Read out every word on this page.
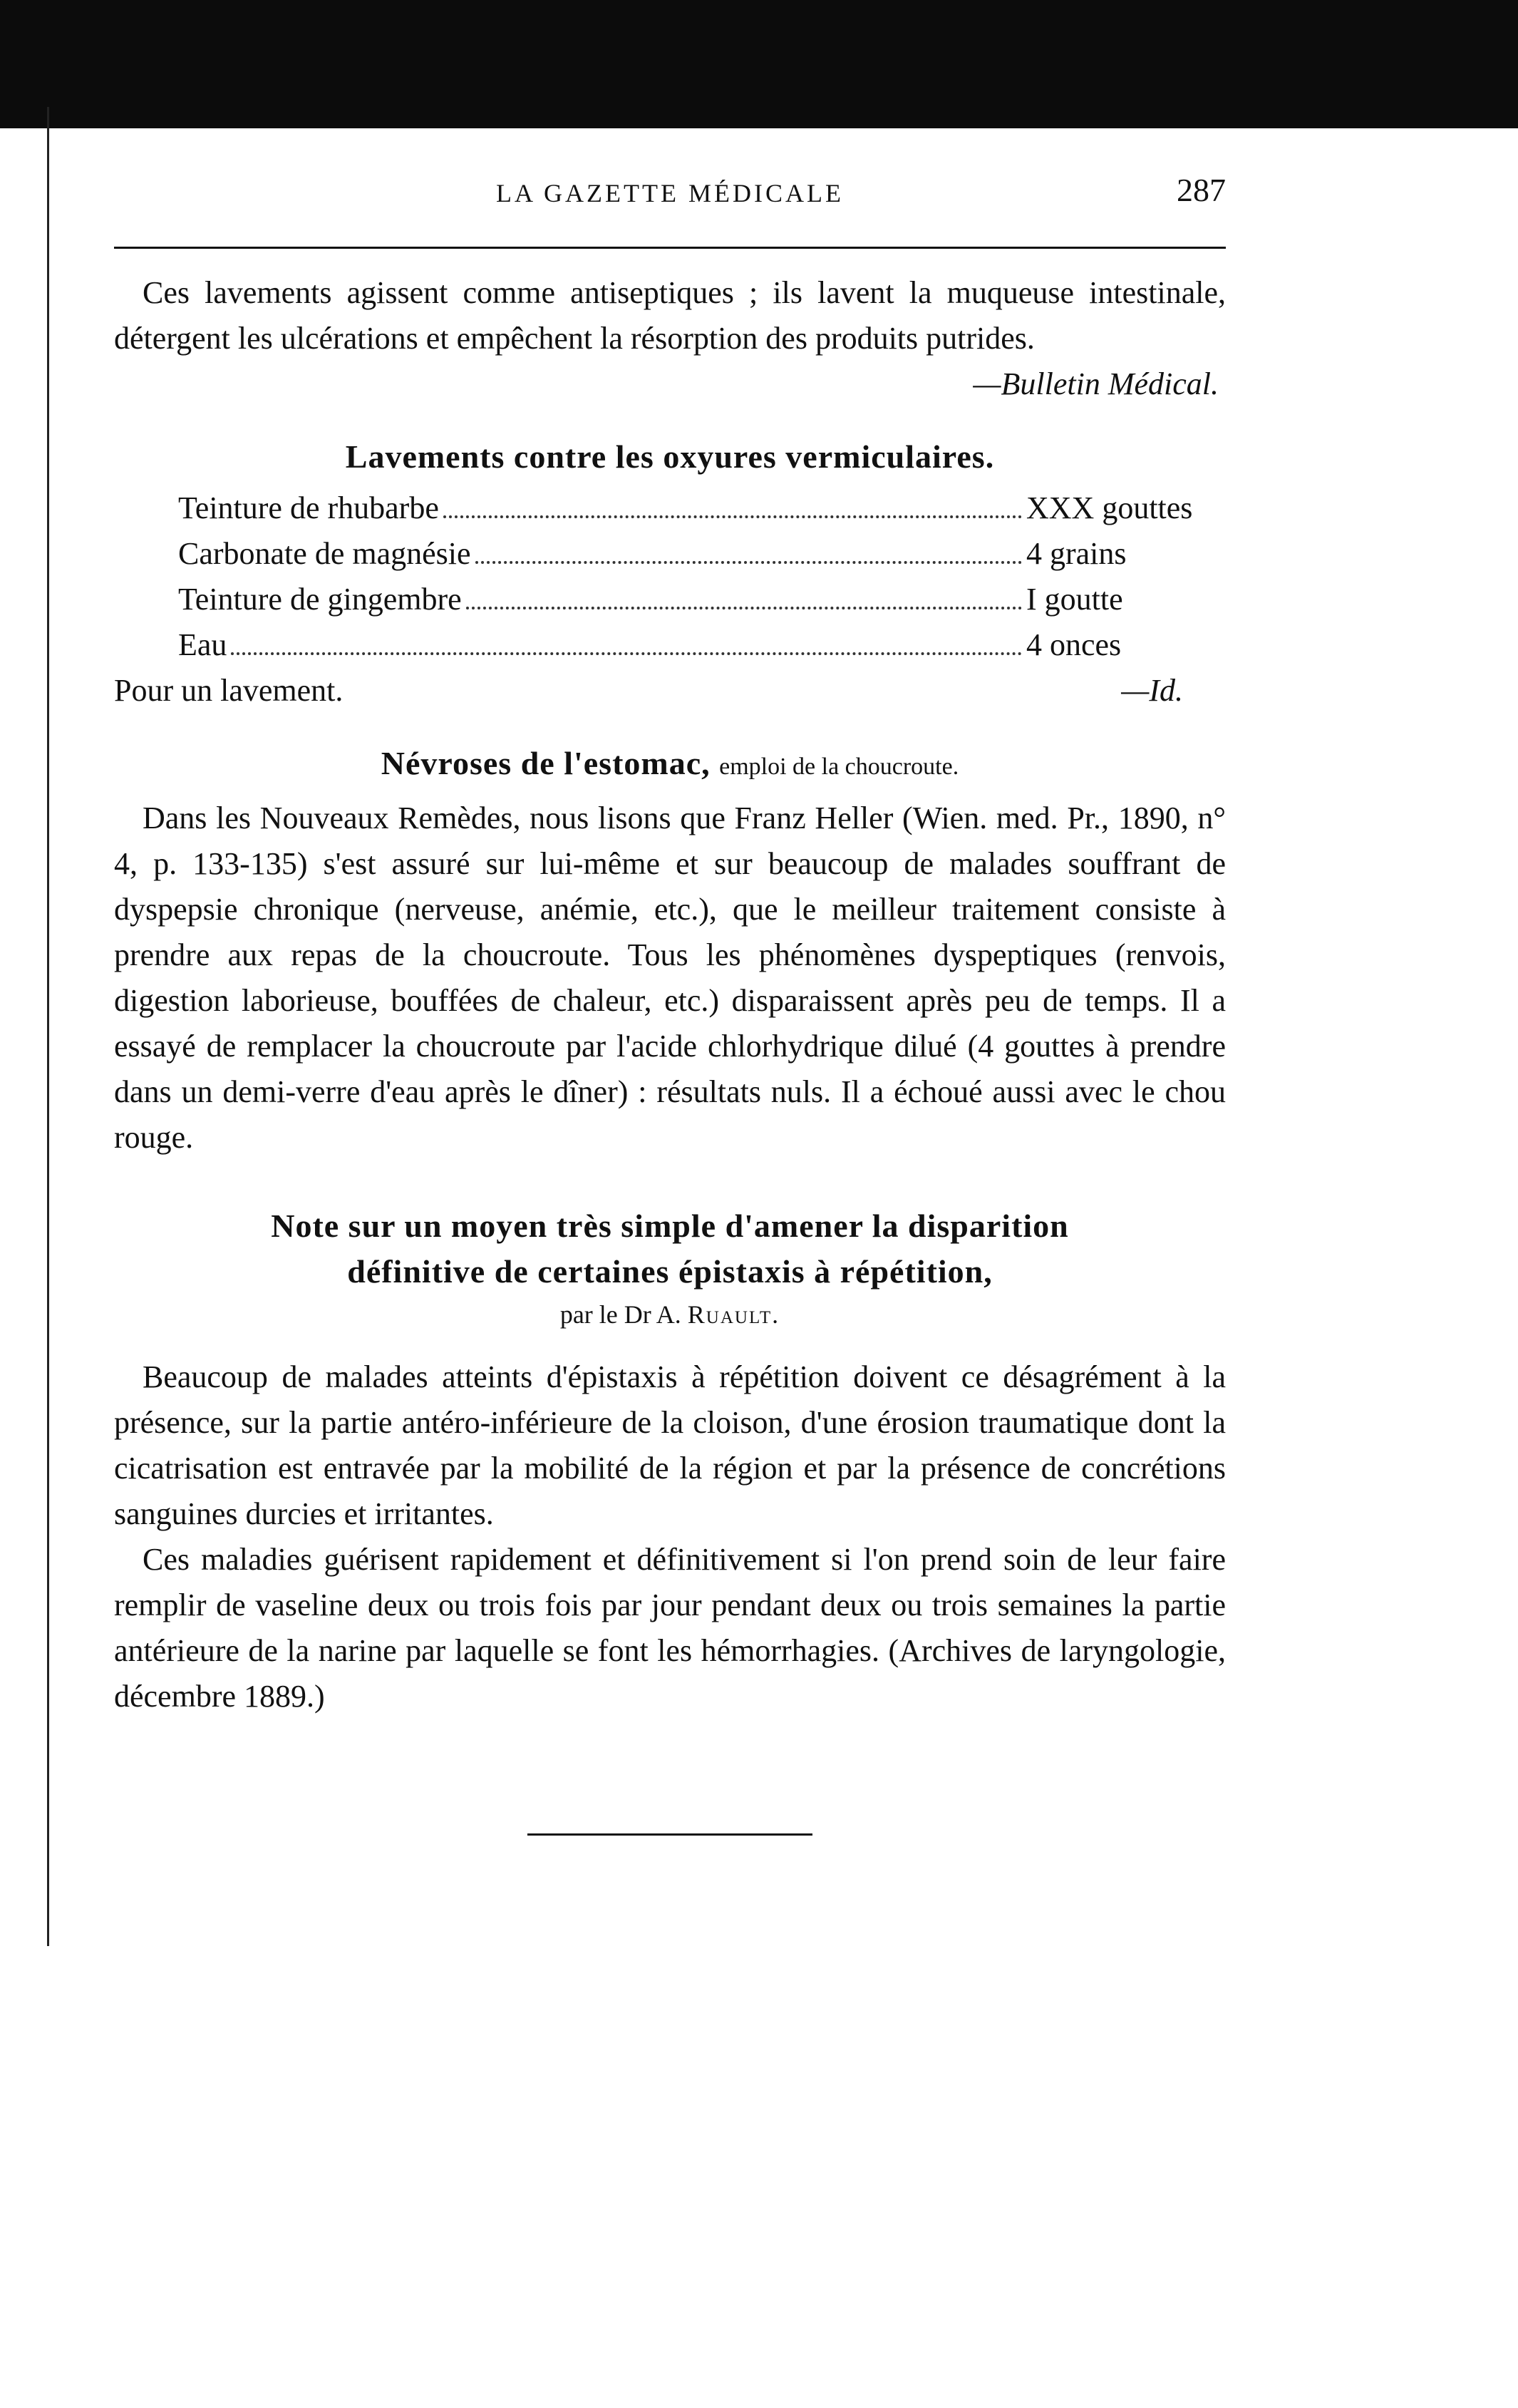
LA GAZETTE MÉDICALE	287

Ces lavements agissent comme antiseptiques ; ils lavent la muqueuse intestinale, détergent les ulcérations et empêchent la résorption des produits putrides.

—Bulletin Médical.
Lavements contre les oxyures vermiculaires.
Teinture de rhubarbe	XXX gouttes
Carbonate de magnésie	4 grains
Teinture de gingembre	I goutte
Eau	4 onces
Pour un lavement.	—Id.
Névroses de l'estomac, emploi de la choucroute.

Dans les Nouveaux Remèdes, nous lisons que Franz Heller (Wien. med. Pr., 1890, n° 4, p. 133-135) s'est assuré sur lui-même et sur beaucoup de malades souffrant de dyspepsie chronique (nerveuse, anémie, etc.), que le meilleur traitement consiste à prendre aux repas de la choucroute. Tous les phénomènes dyspeptiques (renvois, digestion laborieuse, bouffées de chaleur, etc.) disparaissent après peu de temps. Il a essayé de remplacer la choucroute par l'acide chlorhydrique dilué (4 gouttes à prendre dans un demi-verre d'eau après le dîner) : résultats nuls. Il a échoué aussi avec le chou rouge.

Note sur un moyen très simple d'amener la disparition
définitive de certaines épistaxis à répétition,
par le Dr A. Ruault.

Beaucoup de malades atteints d'épistaxis à répétition doivent ce désagrément à la présence, sur la partie antéro-inférieure de la cloison, d'une érosion traumatique dont la cicatrisation est entravée par la mobilité de la région et par la présence de concrétions sanguines durcies et irritantes.

Ces maladies guérisent rapidement et définitivement si l'on prend soin de leur faire remplir de vaseline deux ou trois fois par jour pendant deux ou trois semaines la partie antérieure de la narine par laquelle se font les hémorrhagies. (Archives de laryngologie, décembre 1889.)
